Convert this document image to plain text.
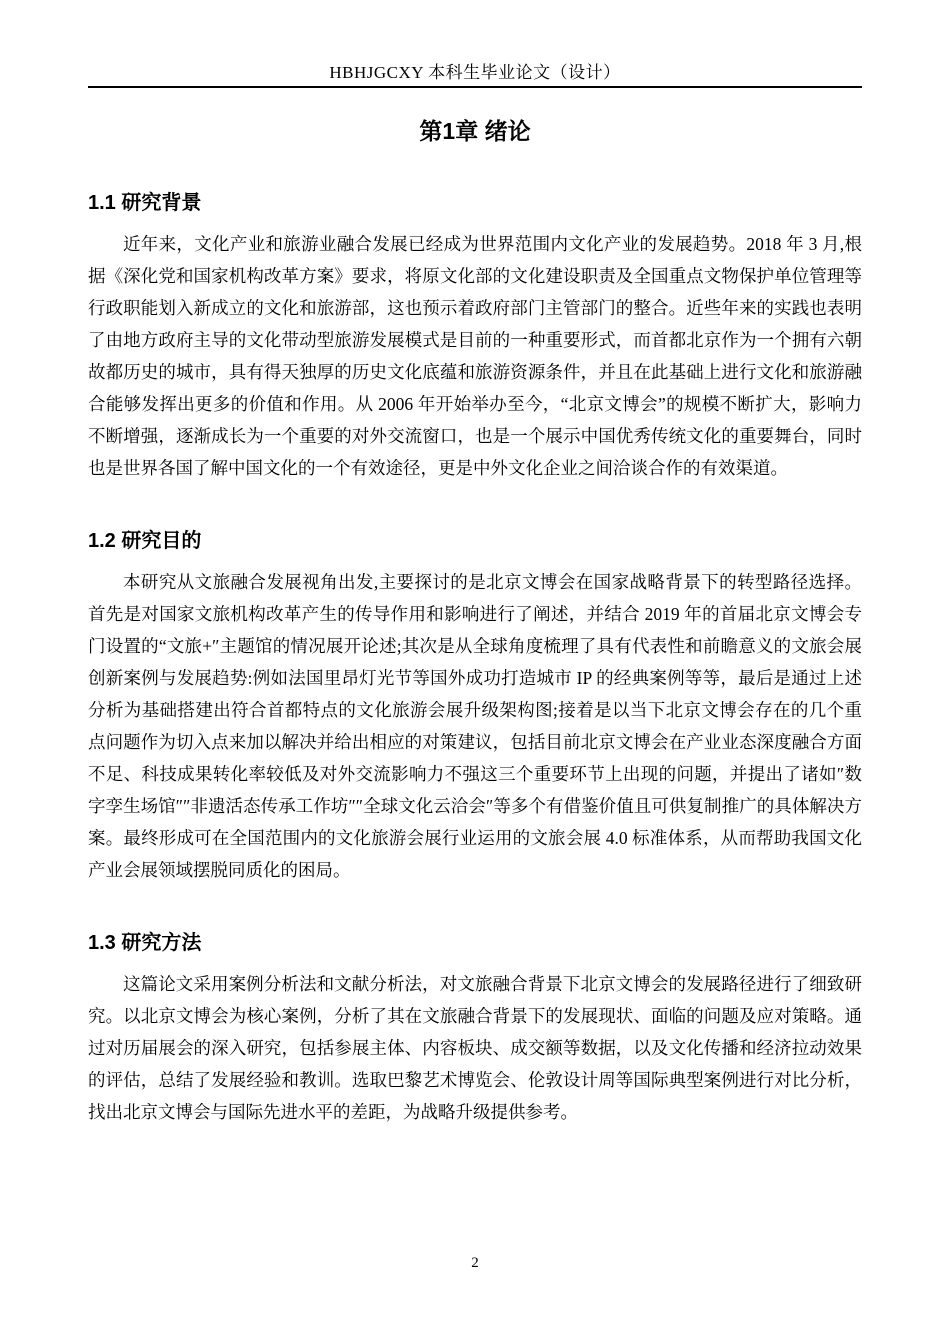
HBHJGCXY 本科生毕业论文（设计）
第1章 绪论
1.1 研究背景

近年来，文化产业和旅游业融合发展已经成为世界范围内文化产业的发展趋势。2018 年 3 月,根据《深化党和国家机构改革方案》要求，将原文化部的文化建设职责及全国重点文物保护单位管理等行政职能划入新成立的文化和旅游部，这也预示着政府部门主管部门的整合。近些年来的实践也表明了由地方政府主导的文化带动型旅游发展模式是目前的一种重要形式，而首都北京作为一个拥有六朝故都历史的城市，具有得天独厚的历史文化底蕴和旅游资源条件，并且在此基础上进行文化和旅游融合能够发挥出更多的价值和作用。从 2006 年开始举办至今，“北京文博会”的规模不断扩大，影响力不断增强，逐渐成长为一个重要的对外交流窗口，也是一个展示中国优秀传统文化的重要舞台，同时也是世界各国了解中国文化的一个有效途径，更是中外文化企业之间洽谈合作的有效渠道。

1.2 研究目的

本研究从文旅融合发展视角出发,主要探讨的是北京文博会在国家战略背景下的转型路径选择。首先是对国家文旅机构改革产生的传导作用和影响进行了阐述，并结合 2019 年的首届北京文博会专门设置的“文旅+″主题馆的情况展开论述;其次是从全球角度梳理了具有代表性和前瞻意义的文旅会展创新案例与发展趋势:例如法国里昂灯光节等国外成功打造城市 IP 的经典案例等等，最后是通过上述分析为基础搭建出符合首都特点的文化旅游会展升级架构图;接着是以当下北京文博会存在的几个重点问题作为切入点来加以解决并给出相应的对策建议，包括目前北京文博会在产业业态深度融合方面不足、科技成果转化率较低及对外交流影响力不强这三个重要环节上出现的问题，并提出了诸如″数字孪生场馆″″非遗活态传承工作坊″″全球文化云洽会″等多个有借鉴价值且可供复制推广的具体解决方案。最终形成可在全国范围内的文化旅游会展行业运用的文旅会展 4.0 标准体系，从而帮助我国文化产业会展领域摆脱同质化的困局。

1.3 研究方法

这篇论文采用案例分析法和文献分析法，对文旅融合背景下北京文博会的发展路径进行了细致研究。以北京文博会为核心案例，分析了其在文旅融合背景下的发展现状、面临的问题及应对策略。通过对历届展会的深入研究，包括参展主体、内容板块、成交额等数据，以及文化传播和经济拉动效果的评估，总结了发展经验和教训。选取巴黎艺术博览会、伦敦设计周等国际典型案例进行对比分析，找出北京文博会与国际先进水平的差距，为战略升级提供参考。

2
